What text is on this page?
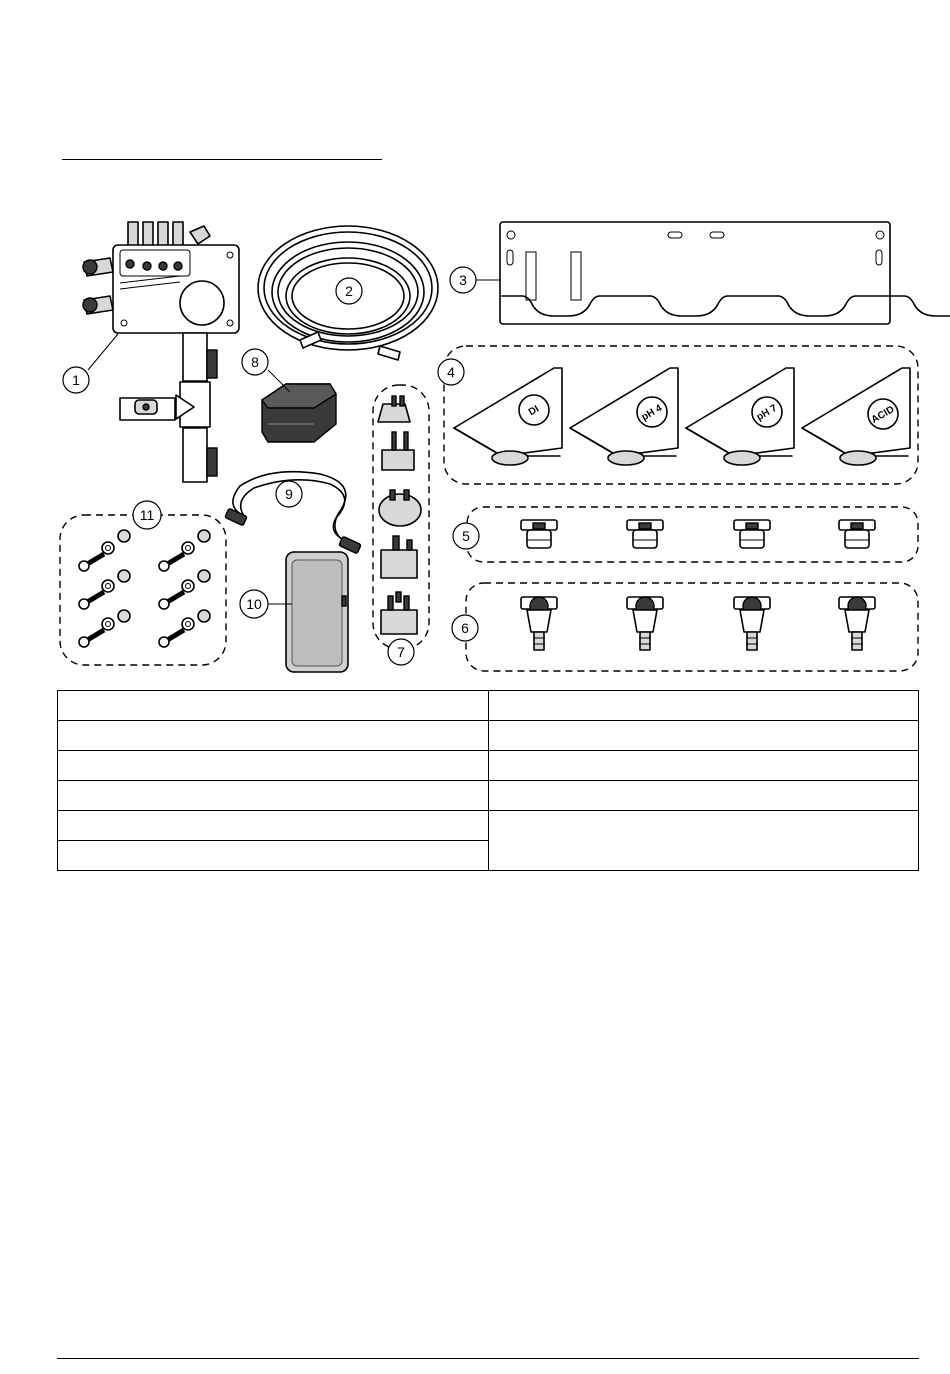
DI	pH 4	pH 7	ACID
1
2
3
4
5
6
7
8
9
10
11
